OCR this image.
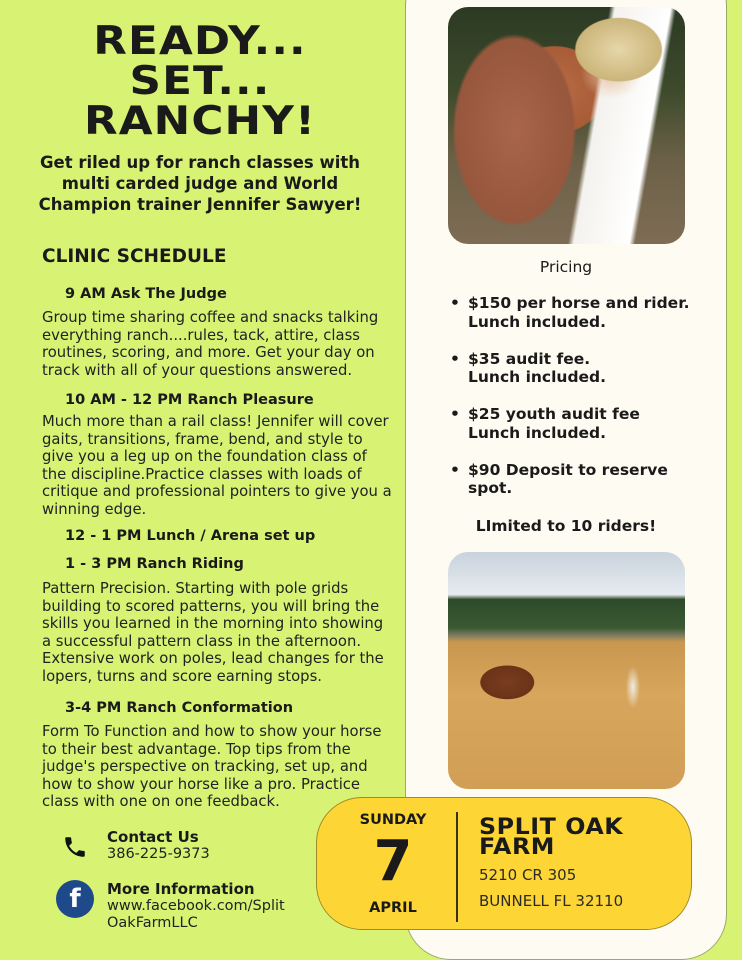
READY...
SET...
RANCHY!
Get riled up for ranch classes with multi carded judge and World Champion trainer Jennifer Sawyer!
CLINIC SCHEDULE
9 AM Ask The Judge
Group time sharing coffee and snacks talking everything ranch....rules, tack, attire, class routines, scoring, and more. Get your day on track with all of your questions answered.
10 AM - 12 PM Ranch Pleasure
Much more than a rail class! Jennifer will cover gaits, transitions, frame, bend, and style to give you a leg up on the foundation class of the discipline.Practice classes with loads of critique and professional pointers to give you a winning edge.
12 - 1 PM Lunch / Arena set up
1 - 3 PM Ranch Riding
Pattern Precision. Starting with pole grids building to scored patterns, you will bring the skills you learned in the morning into showing a successful pattern class in the afternoon. Extensive work on poles, lead changes for the lopers, turns and score earning stops.
3-4 PM Ranch Conformation
Form To Function and how to show your horse to their best advantage. Top tips from the judge's perspective on tracking, set up, and how to show your horse like a pro. Practice class with one on one feedback.
Contact Us
386-225-9373
f	More Information
www.facebook.com/Split
OakFarmLLC
Pricing
• $150 per horse and rider.
Lunch included.
• $35 audit fee.
Lunch included.
• $25 youth audit fee
Lunch included.
• $90 Deposit to reserve
spot.
LImited to 10 riders!
SUNDAY
7
APRIL
SPLIT OAK
FARM
5210 CR 305
BUNNELL FL 32110
